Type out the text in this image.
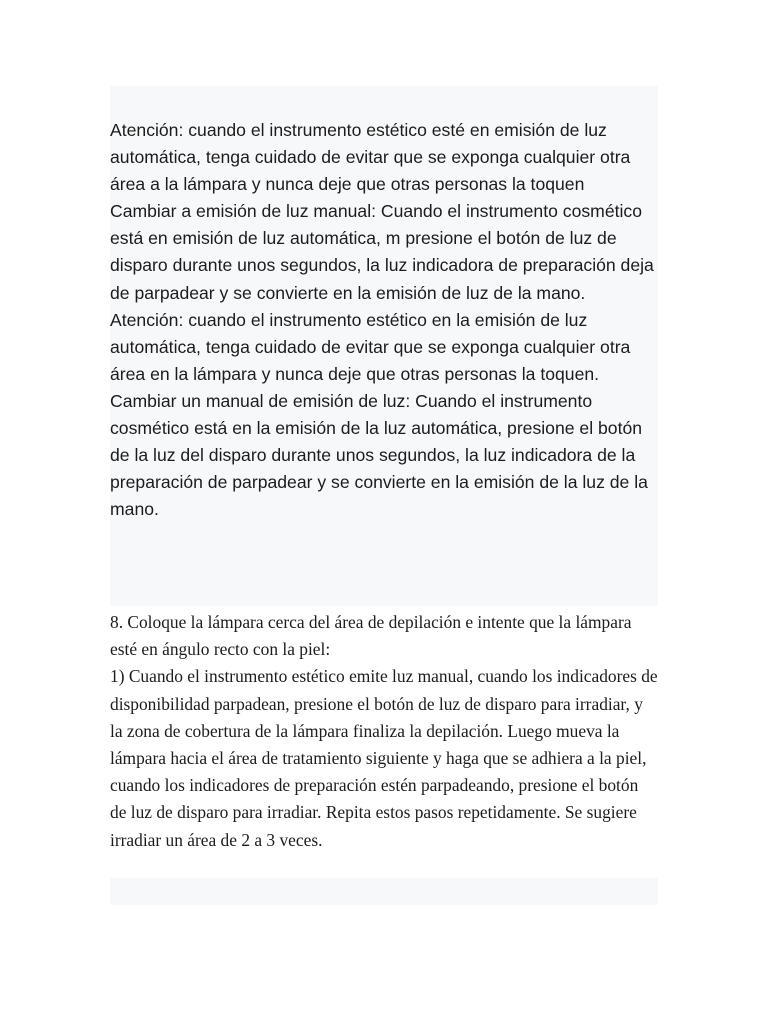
Atención: cuando el instrumento estético esté en emisión de luz automática, tenga cuidado de evitar que se exponga cualquier otra área a la lámpara y nunca deje que otras personas la toquen

Cambiar a emisión de luz manual: Cuando el instrumento cosmético está en emisión de luz automática, m presione el botón de luz de disparo durante unos segundos, la luz indicadora de preparación deja de parpadear y se convierte en la emisión de luz de la mano.

Atención: cuando el instrumento estético en la emisión de luz automática, tenga cuidado de evitar que se exponga cualquier otra área en la lámpara y nunca deje que otras personas la toquen.

Cambiar un manual de emisión de luz: Cuando el instrumento cosmético está en la emisión de la luz automática, presione el botón de la luz del disparo durante unos segundos, la luz indicadora de la preparación de parpadear y se convierte en la emisión de la luz de la mano.

8. Coloque la lámpara cerca del área de depilación e intente que la lámpara esté en ángulo recto con la piel:

1) Cuando el instrumento estético emite luz manual, cuando los indicadores de disponibilidad parpadean, presione el botón de luz de disparo para irradiar, y la zona de cobertura de la lámpara finaliza la depilación. Luego mueva la lámpara hacia el área de tratamiento siguiente y haga que se adhiera a la piel, cuando los indicadores de preparación estén parpadeando, presione el botón de luz de disparo para irradiar. Repita estos pasos repetidamente. Se sugiere irradiar un área de 2 a 3 veces.
